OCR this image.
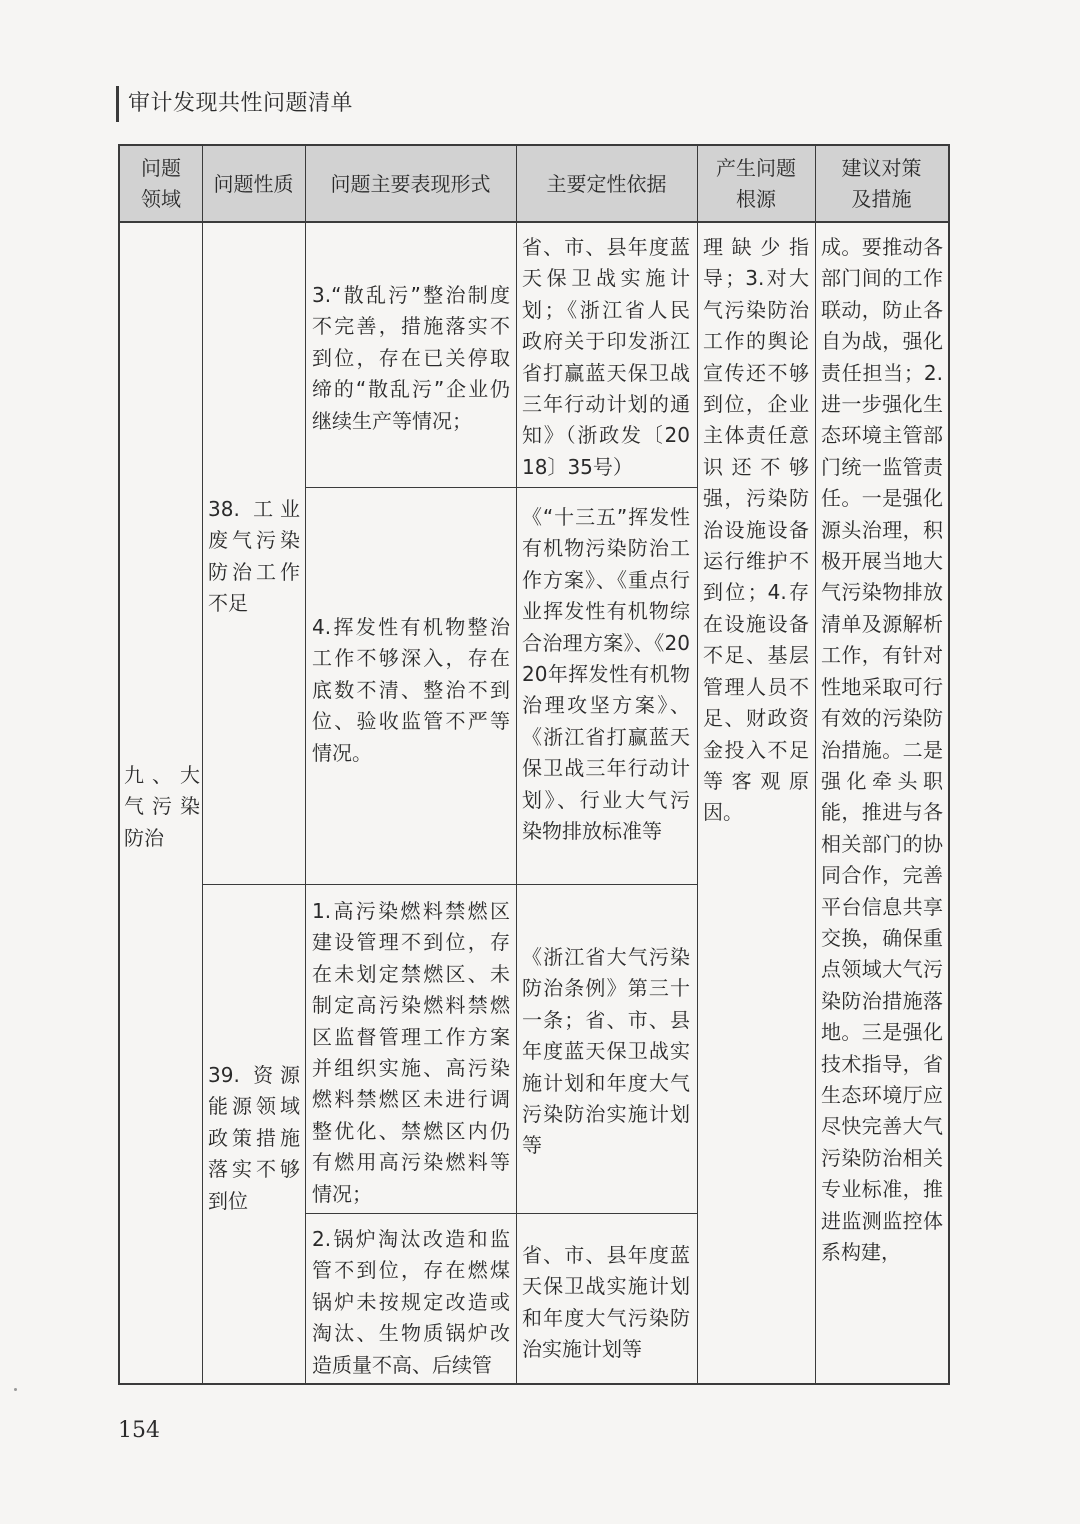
审计发现共性问题清单
问题
领域
问题性质	问题主要表现形式	主要定性依据
产生问题
根源
建议对策
及措施
九、大气污染防治
38. 工业废气污染防治工作不足
39. 资源能源领域政策措施落实不够到位
3.“散乱污”整治制度不完善，措施落实不到位，存在已关停取缔的“散乱污”企业仍继续生产等情况；
4.挥发性有机物整治工作不够深入，存在底数不清、整治不到位、验收监管不严等情况。
1.高污染燃料禁燃区建设管理不到位，存在未划定禁燃区、未制定高污染燃料禁燃区监督管理工作方案并组织实施、高污染燃料禁燃区未进行调整优化、禁燃区内仍有燃用高污染燃料等情况；
2.锅炉淘汰改造和监管不到位，存在燃煤锅炉未按规定改造或淘汰、生物质锅炉改造质量不高、后续管
省、市、县年度蓝天保卫战实施计划；《浙江省人民政府关于印发浙江省打赢蓝天保卫战三年行动计划的通知》（浙政发〔2018〕35号）
《“十三五”挥发性有机物污染防治工作方案》、《重点行业挥发性有机物综合治理方案》、《2020年挥发性有机物治理攻坚方案》、《浙江省打赢蓝天保卫战三年行动计划》、行业大气污染物排放标准等
《浙江省大气污染防治条例》第三十一条；省、市、县年度蓝天保卫战实施计划和年度大气污染防治实施计划等
省、市、县年度蓝天保卫战实施计划和年度大气污染防治实施计划等
理缺少指导；3.对大气污染防治工作的舆论宣传还不够到位，企业主体责任意识还不够强，污染防治设施设备运行维护不到位；4.存在设施设备不足、基层管理人员不足、财政资金投入不足等客观原因。
成。要推动各部门间的工作联动，防止各自为战，强化责任担当；2.进一步强化生态环境主管部门统一监管责任。一是强化源头治理，积极开展当地大气污染物排放清单及源解析工作，有针对性地采取可行有效的污染防治措施。二是强化牵头职能，推进与各相关部门的协同合作，完善平台信息共享交换，确保重点领域大气污染防治措施落地。三是强化技术指导，省生态环境厅应尽快完善大气污染防治相关专业标准，推进监测监控体系构建，
154
